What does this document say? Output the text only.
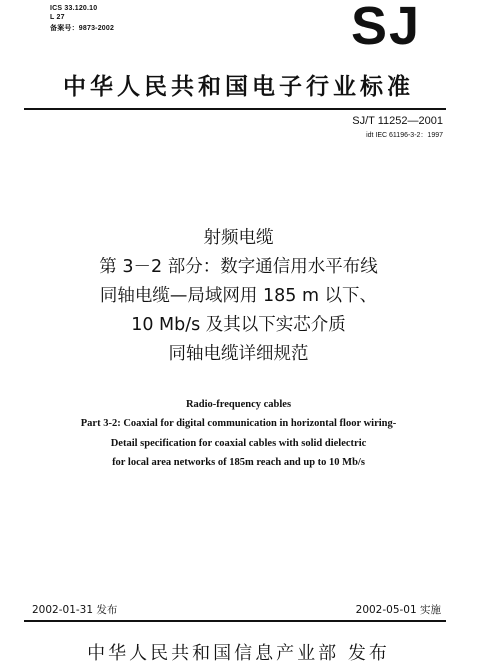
ICS 33.120.10
L 27
备案号：9873-2002	SJ
中华人民共和国电子行业标准
SJ/T 11252—2001
idt IEC 61196-3-2：1997
射频电缆
第 3－2 部分：数字通信用水平布线
同轴电缆—局域网用 185 m 以下、
10 Mb/s 及其以下实芯介质
同轴电缆详细规范
Radio-frequency cables
Part 3-2: Coaxial for digital communication in horizontal floor wiring-
Detail specification for coaxial cables with solid dielectric
for local area networks of 185m reach and up to 10 Mb/s
2002-01-31 发布	2002-05-01 实施
中华人民共和国信息产业部 发布
